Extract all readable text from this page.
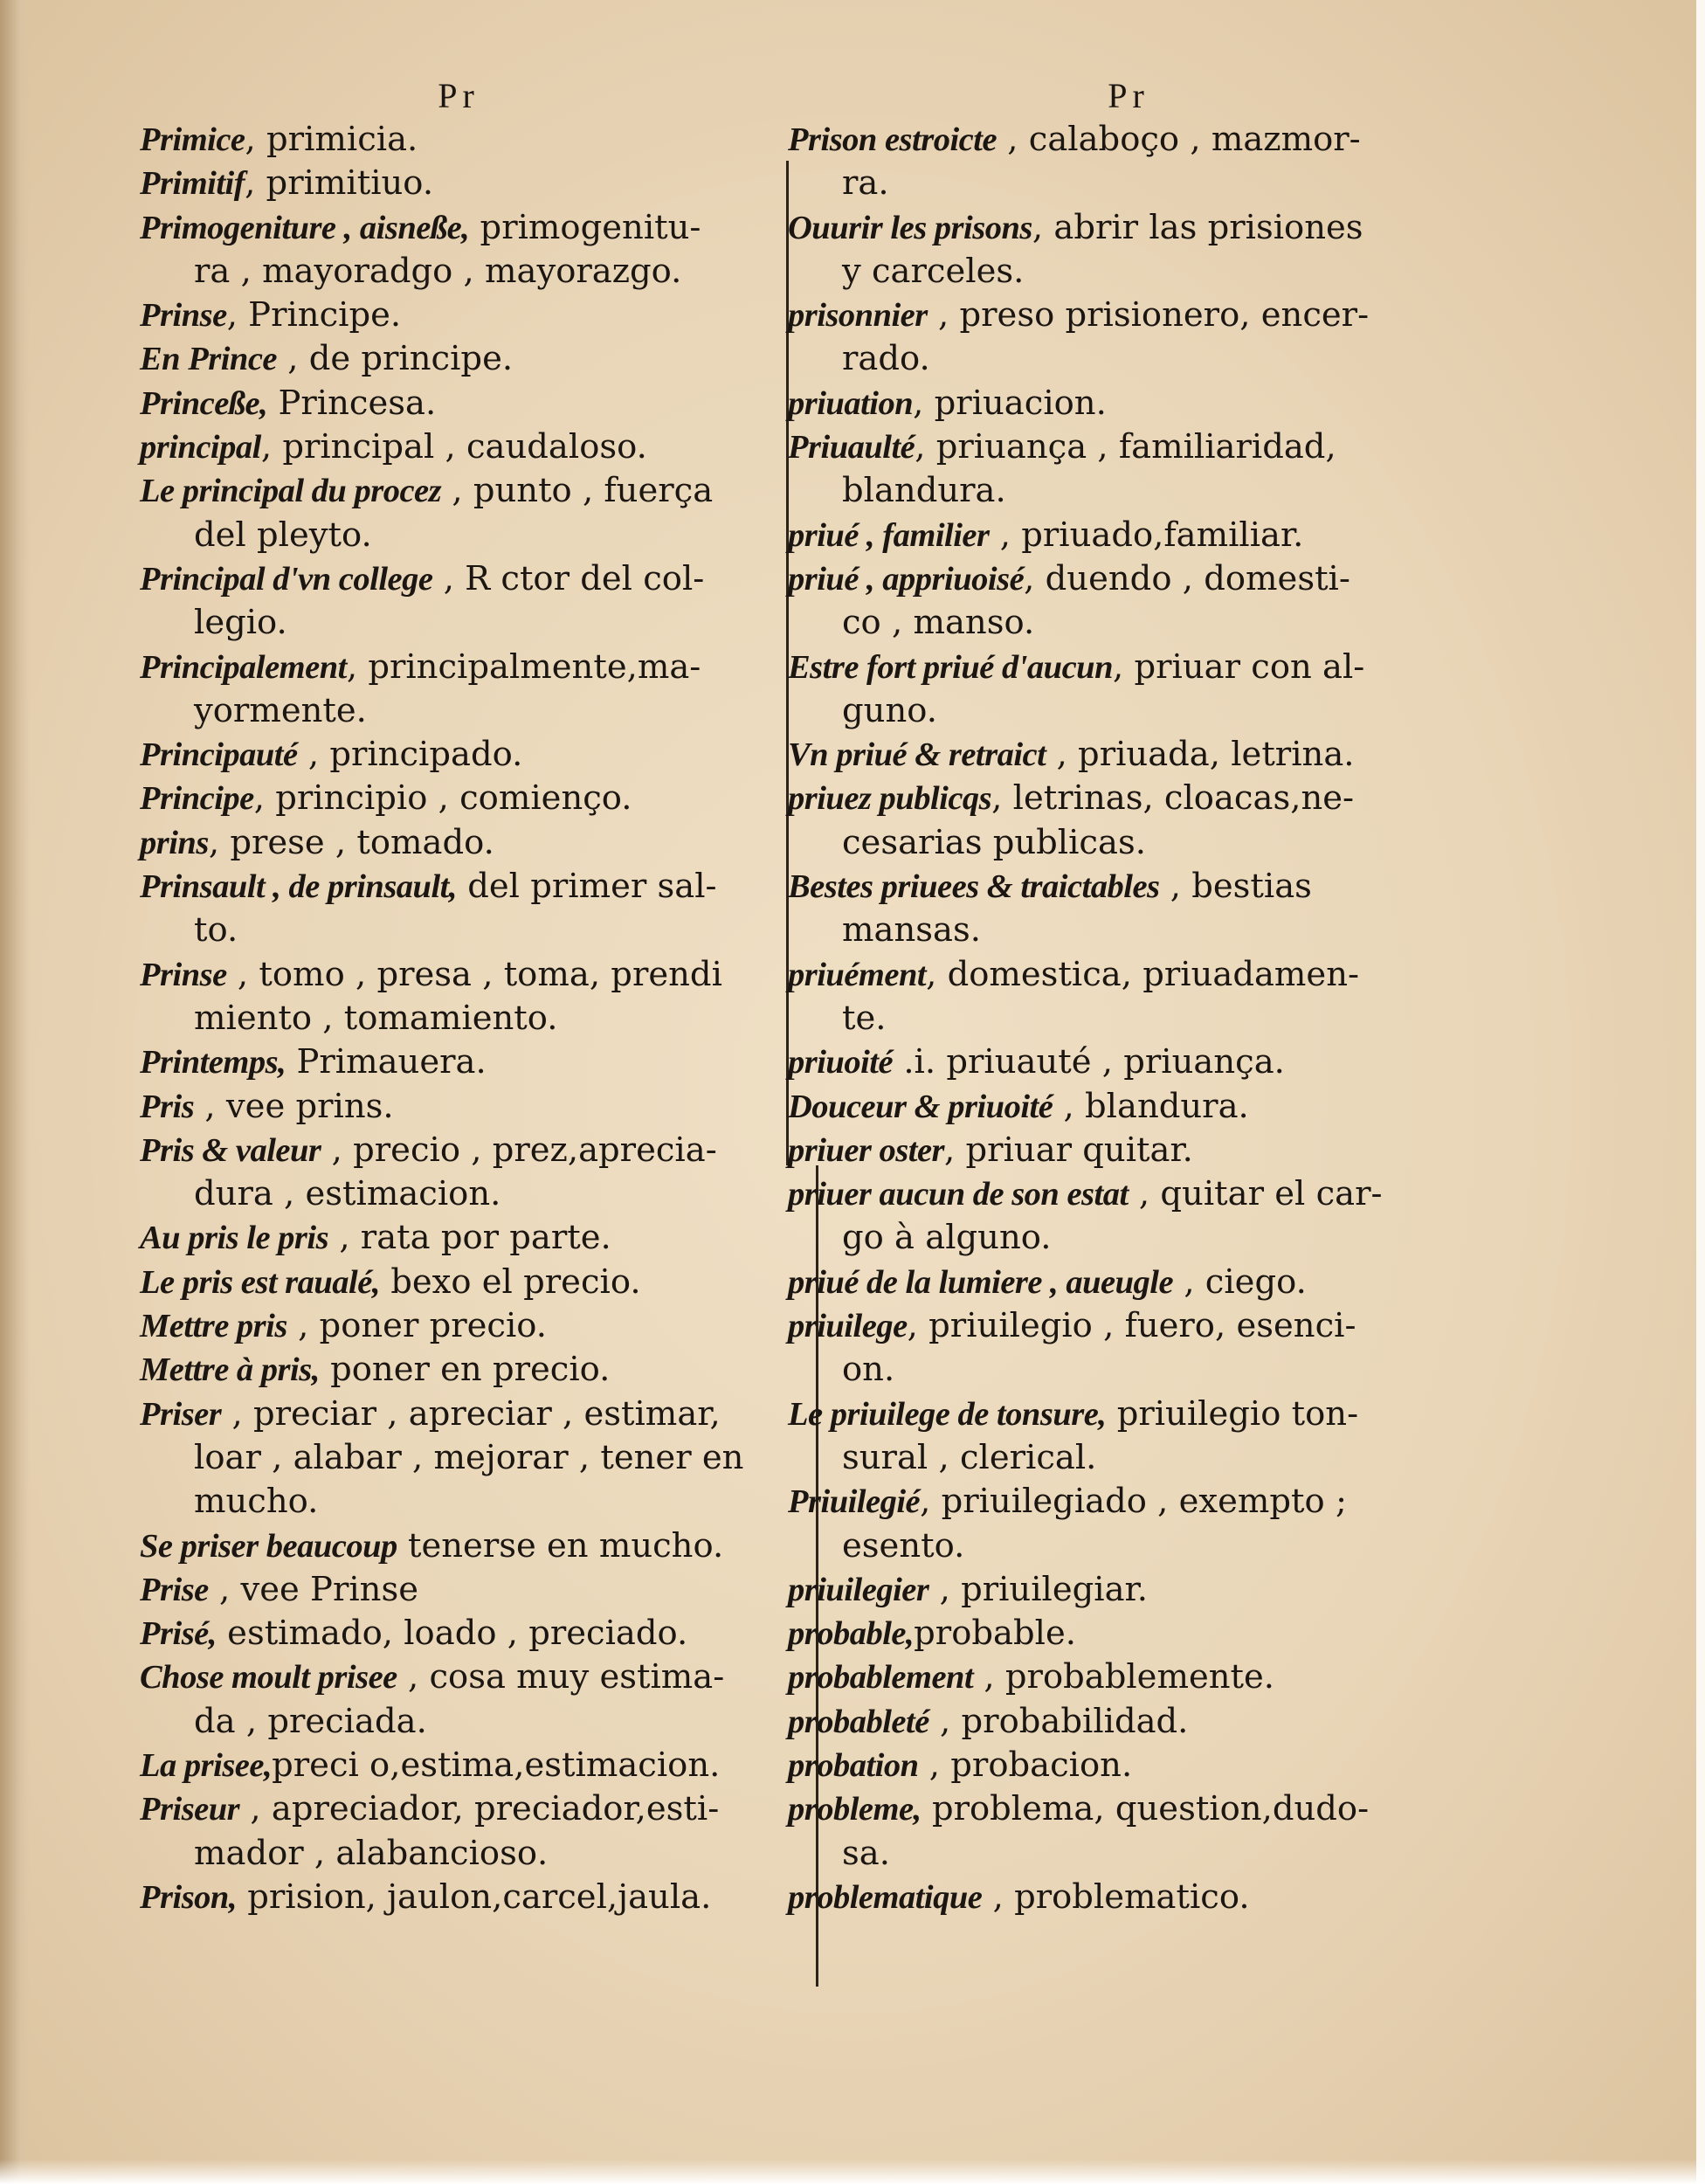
Pr

Primice, primicia.

Primitif, primitiuo.

Primogeniture , aisneße, primogenitu-
ra , mayoradgo , mayorazgo.

Prinse, Principe.

En Prince , de principe.

Princeße, Princesa.

principal, principal , caudaloso.

Le principal du procez , punto , fuerça
del pleyto.

Principal d'vn college , R ctor del col-
legio.

Principalement, principalmente,ma-
yormente.

Principauté , principado.

Principe, principio , comienço.

prins, prese , tomado.

Prinsault , de prinsault, del primer sal-
to.

Prinse , tomo , presa , toma, prendi
miento , tomamiento.

Printemps, Primauera.

Pris , vee prins.

Pris & valeur , precio , prez,aprecia-
dura , estimacion.

Au pris le pris , rata por parte.

Le pris est raualé, bexo el precio.

Mettre pris , poner precio.

Mettre à pris, poner en precio.

Priser , preciar , apreciar , estimar,
loar , alabar , mejorar , tener en
mucho.

Se priser beaucoup tenerse en mucho.

Prise , vee Prinse

Prisé, estimado, loado , preciado.

Chose moult prisee , cosa muy estima-
da , preciada.

La prisee,preci o,estima,estimacion.

Priseur , apreciador, preciador,esti-
mador , alabanciosо.

Prison, prision, jaulon,carcel,jaula.

Pr

Prison estroicte , calaboço , mazmor-
ra.

Ouurir les prisons, abrir las prisiones
y carceles.

prisonnier , preso prisionero, encer-
rado.

priuation, priuacion.

Priuaulté, priuança , familiaridad,
blandura.

priué , familier , priuado,familiar.

priué , appriuoisé, duendo , domesti-
co , manso.

Estre fort priué d'aucun, priuar con al-
guno.

Vn priué & retraict , priuada, letrina.

priuez publicqs, letrinas, cloacas,ne-
cesarias publicas.

Bestes priuees & traictables , bestias
mansas.

priuément, domestica, priuadamen-
te.

priuoité .i. priuauté , priuança.

Douceur & priuoité , blandura.

priuer oster, priuar quitar.

priuer aucun de son estat , quitar el car-
go à alguno.

priué de la lumiere , aueugle , ciego.

priuilege, priuilegio , fuero, esenci-
on.

Le priuilege de tonsure, priuilegio ton-
sural , clerical.

Priuilegié, priuilegiado , exempto ;
esento.

priuilegier , priuilegiar.

probable,probable.

probablement , probablemente.

probableté , probabilidad.

probation , probacion.

probleme, problema, question,dudo-
sa.

problematique , problematico.
